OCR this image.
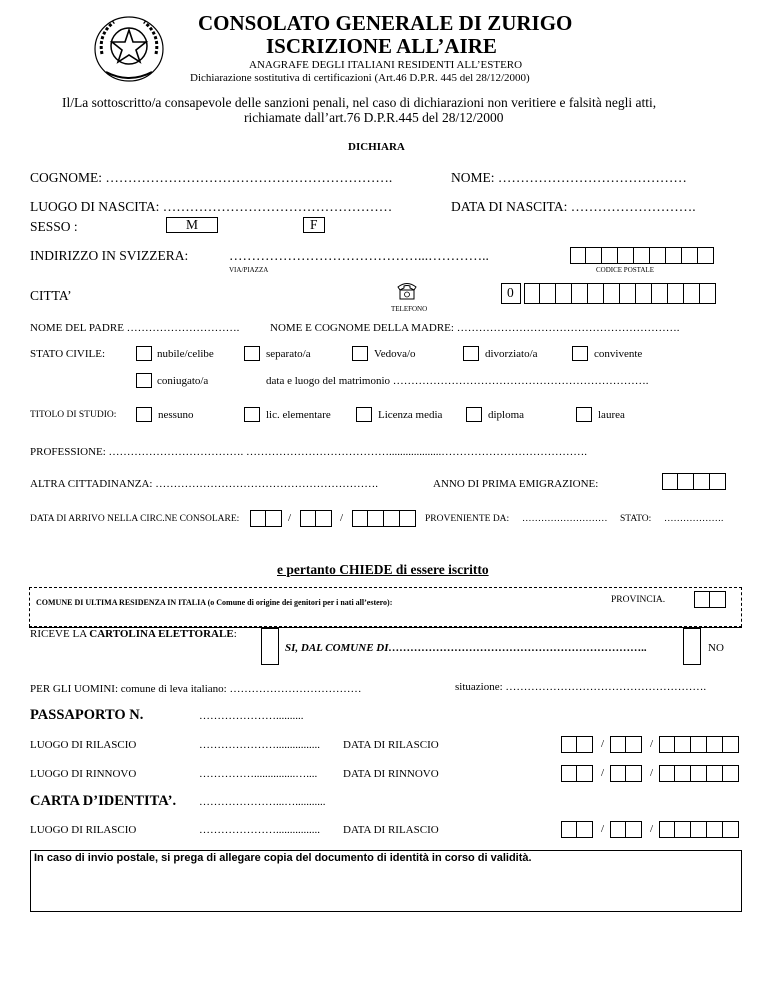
CONSOLATO GENERALE DI ZURIGO
ISCRIZIONE ALL’AIRE
ANAGRAFE DEGLI ITALIANI RESIDENTI ALL’ESTERO
Dichiarazione sostitutiva di certificazioni (Art.46 D.P.R. 445 del 28/12/2000)
Il/La sottoscritto/a consapevole delle sanzioni penali, nel caso di dichiarazioni non veritiere e falsità negli atti,
richiamate dall’art.76 D.P.R.445 del 28/12/2000
DICHIARA
COGNOME: ……………………………………………………….	NOME: ……………………………………
LUOGO DI NASCITA: ……………………………………………	DATA DI NASCITA: ……………………….
SESSO :	M	F
INDIRIZZO IN SVIZZERA:	……………………………………...…………..
VIA/PIAZZA	CODICE POSTALE
CITTA’
TELEFONO
0
NOME DEL PADRE ………………………….	NOME E COGNOME DELLA MADRE: …………………………………………………….
STATO CIVILE:	nubile/celibe	separato/a	Vedova/o	divorziato/a	convivente
coniugato/a	data e luogo del matrimonio …………………………………………………………….
TITOLO DI STUDIO:	nessuno	lic. elementare	Licenza media	diploma	laurea
PROFESSIONE: ………………………………. …………………………………...................………………………………….
ALTRA CITTADINANZA: …………………………………………………….	ANNO DI PRIMA EMIGRAZIONE:
DATA DI ARRIVO NELLA CIRC.NE CONSOLARE:	/	/	PROVENIENTE DA: ……………………… STATO: ……………….
e pertanto CHIEDE di essere iscritto
COMUNE DI ULTIMA RESIDENZA IN ITALIA (o Comune di origine dei genitori per i nati all’estero):	PROVINCIA.
RICEVE LA CARTOLINA ELETTORALE:
SI, DAL COMUNE DI……………………………………………………………..	NO
PER GLI UOMINI: comune di leva italiano: ………………………………	situazione: ……………………………………………….
PASSAPORTO N.	…………………..........
LUOGO DI RILASCIO	…………………................ DATA DI RILASCIO	/	/
LUOGO DI RINNOVO	……………...............….... DATA DI RINNOVO	/	/
CARTA D’IDENTITA’. …………………...…...........
LUOGO DI RILASCIO	…………………................ DATA DI RILASCIO	/	/
In caso di invio postale, si prega di allegare copia del documento di identità in corso di validità.
